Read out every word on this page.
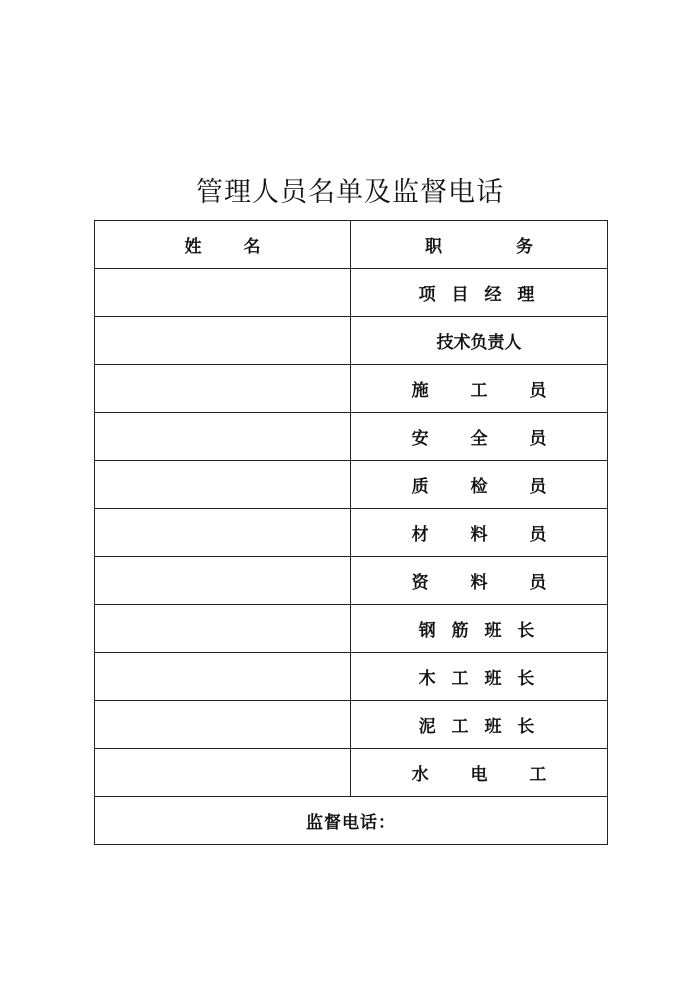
管理人员名单及监督电话
姓 名	职 务
	项 目 经 理
	技术负责人
	施 工 员
	安 全 员
	质 检 员
	材 料 员
	资 料 员
	钢 筋 班 长
	木 工 班 长
	泥 工 班 长
	水 电 工
监督电话：	
